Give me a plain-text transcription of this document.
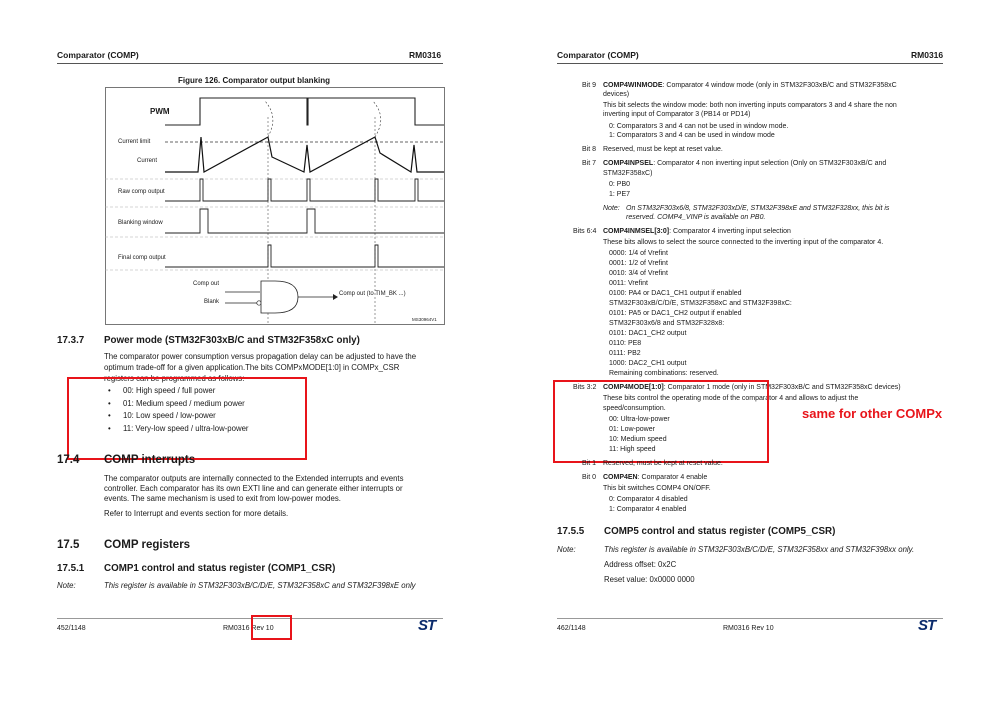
Comparator (COMP)	RM0316
Figure 126. Comparator output blanking
PWM
Current limit
Current
Raw comp output
Blanking window
Final comp output
Comp out
Blank
Comp out (to TIM_BK ...)
MS30964V1
17.3.7 Power mode (STM32F303xB/C and STM32F358xC only)
The comparator power consumption versus propagation delay can be adjusted to have the
optimum trade-off for a given application.The bits COMPxMODE[1:0] in COMPx_CSR
registers can be programmed as follows:
• 00: High speed / full power
• 01: Medium speed / medium power
• 10: Low speed / low-power
• 11: Very-low speed / ultra-low-power
17.4 COMP interrupts
The comparator outputs are internally connected to the Extended interrupts and events
controller. Each comparator has its own EXTI line and can generate either interrupts or
events. The same mechanism is used to exit from low-power modes.
Refer to Interrupt and events section for more details.
17.5 COMP registers
17.5.1 COMP1 control and status register (COMP1_CSR)
Note:	This register is available in STM32F303xB/C/D/E, STM32F358xC and STM32F398xE only
452/1148	RM0316 Rev 10	ST
Comparator (COMP)	RM0316
Bit 9 COMP4WINMODE: Comparator 4 window mode (only in STM32F303xB/C and STM32F358xC
devices)
This bit selects the window mode: both non inverting inputs comparators 3 and 4 share the non
inverting input of Comparator 3 (PB14 or PD14)
0: Comparators 3 and 4 can not be used in window mode.
1: Comparators 3 and 4 can be used in window mode
Bit 8 Reserved, must be kept at reset value.
Bit 7 COMP4INPSEL: Comparator 4 non inverting input selection (Only on STM32F303xB/C and
STM32F358xC)
0: PB0
1: PE7
Note: On STM32F303x6/8, STM32F303xD/E, STM32F398xE and STM32F328xx, this bit is
reserved. COMP4_VINP is available on PB0.
Bits 6:4 COMP4INMSEL[3:0]: Comparator 4 inverting input selection
These bits allows to select the source connected to the inverting input of the comparator 4.
0000: 1/4 of Vrefint
0001: 1/2 of Vrefint
0010: 3/4 of Vrefint
0011: Vrefint
0100: PA4 or DAC1_CH1 output if enabled
STM32F303xB/C/D/E, STM32F358xC and STM32F398xC:
0101: PA5 or DAC1_CH2 output if enabled
STM32F303x6/8 and STM32F328x8:
0101: DAC1_CH2 output
0110: PE8
0111: PB2
1000: DAC2_CH1 output
Remaining combinations: reserved.
Bits 3:2 COMP4MODE[1:0]: Comparator 1 mode (only in STM32F303xB/C and STM32F358xC devices)
These bits control the operating mode of the comparator 4 and allows to adjust the
speed/consumption.
00: Ultra-low-power
01: Low-power
10: Medium speed
11: High speed
same for other COMPx
Bit 1 Reserved, must be kept at reset value.
Bit 0 COMP4EN: Comparator 4 enable
This bit switches COMP4 ON/OFF.
0: Comparator 4 disabled
1: Comparator 4 enabled
17.5.5 COMP5 control and status register (COMP5_CSR)
Note:	This register is available in STM32F303xB/C/D/E, STM32F358xx and STM32F398xx only.
Address offset: 0x2C
Reset value: 0x0000 0000
462/1148	RM0316 Rev 10	ST
